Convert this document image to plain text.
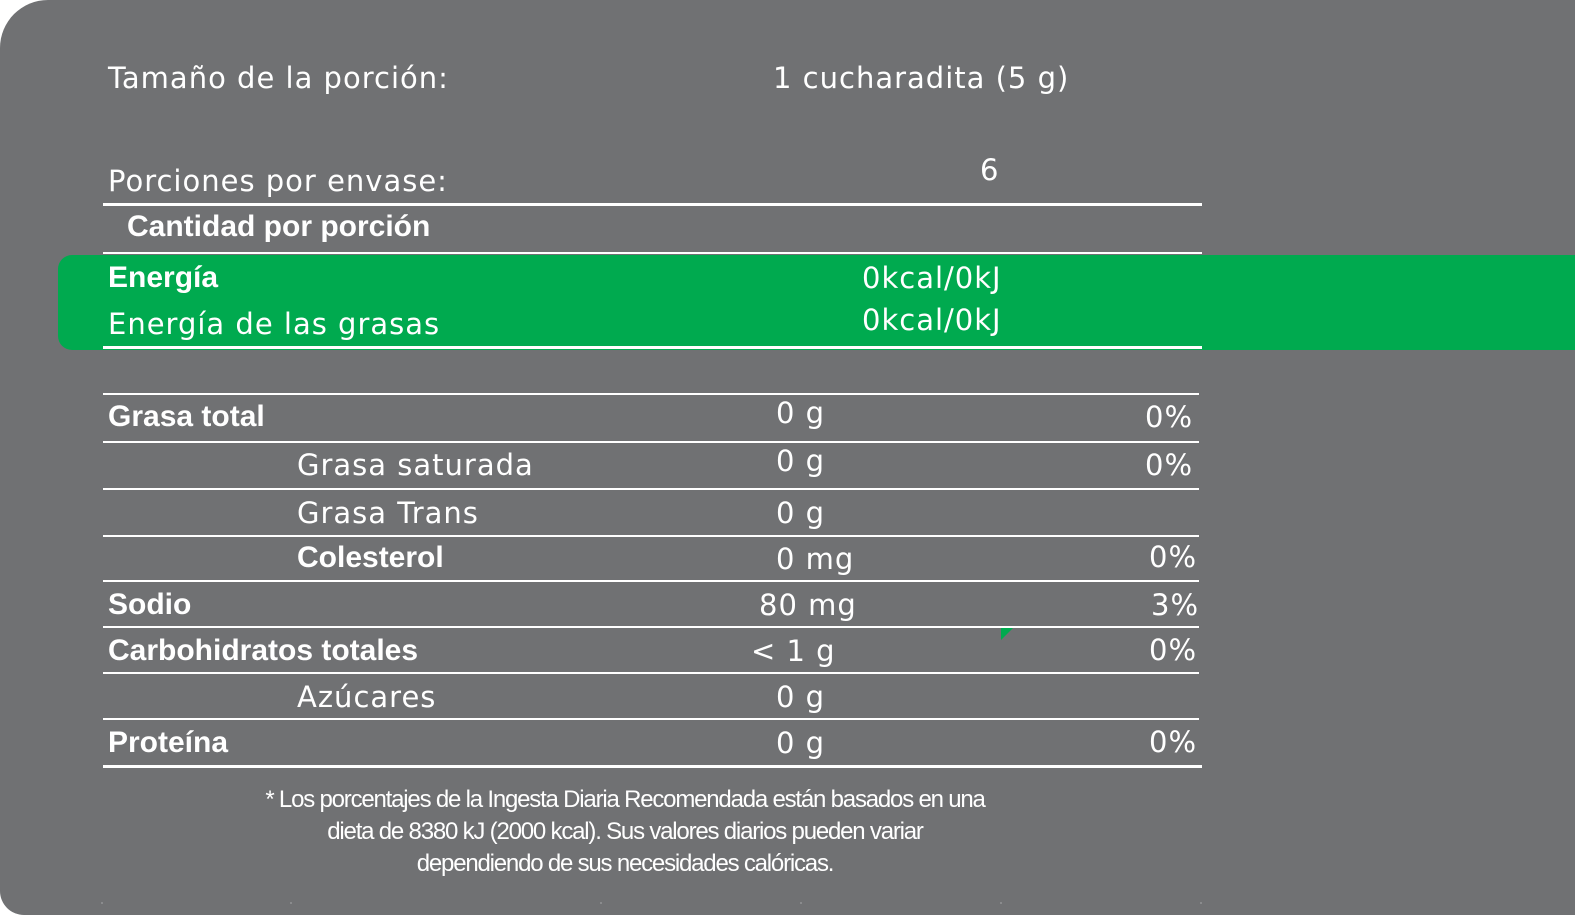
Tamaño de la porción:	1 cucharadita (5 g)
Porciones por envase:	6
Cantidad por porción
Energía	0kcal/0kJ
Energía de las grasas	0kcal/0kJ
Grasa total	0 g	0%
Grasa saturada	0 g	0%
Grasa Trans	0 g
Colesterol	0 mg	0%
Sodio	80 mg	3%
Carbohidratos totales	< 1 g	0%
Azúcares	0 g
Proteína	0 g	0%
* Los porcentajes de la Ingesta Diaria Recomendada están basados en una
dieta de 8380 kJ (2000 kcal). Sus valores diarios pueden variar
dependiendo de sus necesidades calóricas.
